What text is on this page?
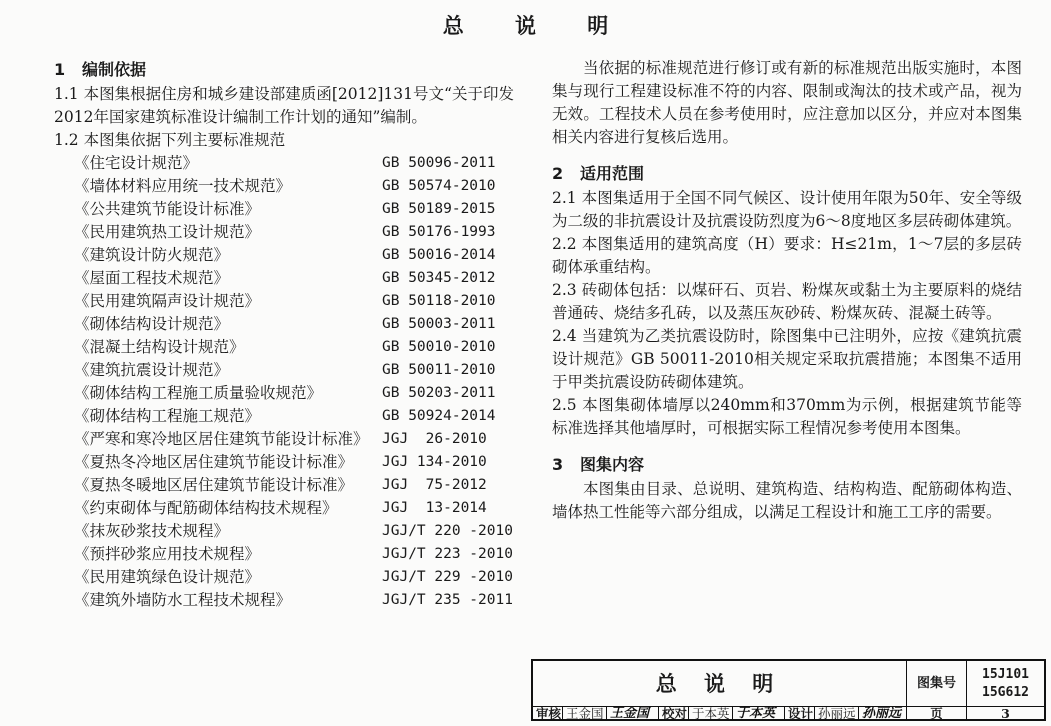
总 说 明
1 编制依据
1.1 本图集根据住房和城乡建设部建质函[2012]131号文“关于印发2012年国家建筑标准设计编制工作计划的通知”编制。
1.2 本图集依据下列主要标准规范
《住宅设计规范》	GB 50096-2011
《墙体材料应用统一技术规范》	GB 50574-2010
《公共建筑节能设计标准》	GB 50189-2015
《民用建筑热工设计规范》	GB 50176-1993
《建筑设计防火规范》	GB 50016-2014
《屋面工程技术规范》	GB 50345-2012
《民用建筑隔声设计规范》	GB 50118-2010
《砌体结构设计规范》	GB 50003-2011
《混凝土结构设计规范》	GB 50010-2010
《建筑抗震设计规范》	GB 50011-2010
《砌体结构工程施工质量验收规范》	GB 50203-2011
《砌体结构工程施工规范》	GB 50924-2014
《严寒和寒冷地区居住建筑节能设计标准》 JGJ  26-2010
《夏热冬冷地区居住建筑节能设计标准》	JGJ 134-2010
《夏热冬暖地区居住建筑节能设计标准》	JGJ  75-2012
《约束砌体与配筋砌体结构技术规程》	JGJ  13-2014
《抹灰砂浆技术规程》	JGJ/T 220 -2010
《预拌砂浆应用技术规程》	JGJ/T 223 -2010
《民用建筑绿色设计规范》	JGJ/T 229 -2010
《建筑外墙防水工程技术规程》	JGJ/T 235 -2011
当依据的标准规范进行修订或有新的标准规范出版实施时，本图集与现行工程建设标准不符的内容、限制或淘汰的技术或产品，视为无效。工程技术人员在参考使用时，应注意加以区分，并应对本图集相关内容进行复核后选用。
2 适用范围
2.1 本图集适用于全国不同气候区、设计使用年限为50年、安全等级为二级的非抗震设计及抗震设防烈度为6～8度地区多层砖砌体建筑。
2.2 本图集适用的建筑高度（H）要求：H≤21m，1～7层的多层砖砌体承重结构。
2.3 砖砌体包括：以煤矸石、页岩、粉煤灰或黏土为主要原料的烧结普通砖、烧结多孔砖，以及蒸压灰砂砖、粉煤灰砖、混凝土砖等。
2.4 当建筑为乙类抗震设防时，除图集中已注明外，应按《建筑抗震设计规范》GB 50011-2010相关规定采取抗震措施；本图集不适用于甲类抗震设防砖砌体建筑。
2.5 本图集砌体墙厚以240mm和370mm为示例，根据建筑节能等标准选择其他墙厚时，可根据实际工程情况参考使用本图集。
3 图集内容
本图集由目录、总说明、建筑构造、结构构造、配筋砌体构造、墙体热工性能等六部分组成，以满足工程设计和施工工序的需要。
总 说 明	图集号
15J101
15G612
审核 王金国 王金国	校对 于本英 于本英	设计 孙丽远 孙丽远	页	3
